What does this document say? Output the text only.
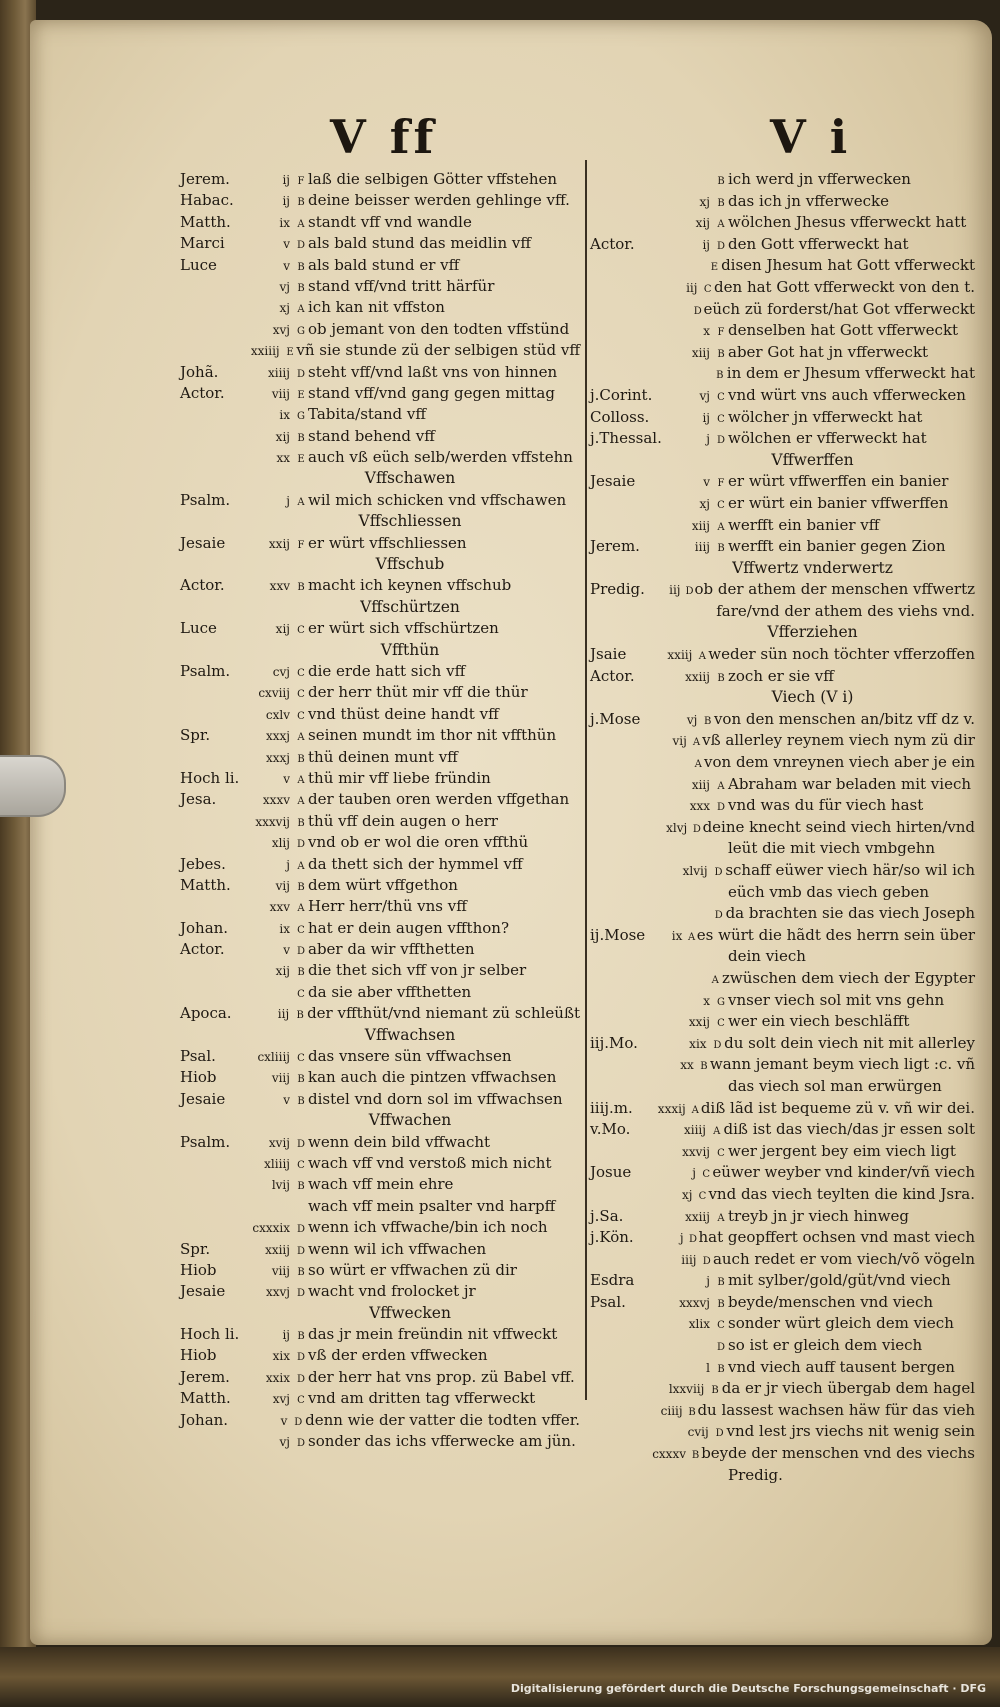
V ff	V i
Jerem.	ij F laß die selbigen Götter vffstehen
Habac.	ij B deine beisser werden gehlinge vff.
Matth.	ix A standt vff vnd wandle
Marci	v D als bald stund das meidlin vff
Luce	v B als bald stund er vff
vj B stand vff/vnd tritt härfür
xj A ich kan nit vffston
xvj G ob jemant von den todten vffstünd
xxiiij E vñ sie stunde zü der selbigen stüd vff
Johã.	xiiij D steht vff/vnd laßt vns von hinnen
Actor.	viij E stand vff/vnd gang gegen mittag
ix G Tabita/stand vff
xij B stand behend vff
xx E auch vß eüch selb/werden vffstehn
Vffschawen
Psalm.	j A wil mich schicken vnd vffschawen
Vffschliessen
Jesaie	xxij F er würt vffschliessen
Vffschub
Actor.	xxv B macht ich keynen vffschub
Vffschürtzen
Luce	xij C er würt sich vffschürtzen
Vffthün
Psalm.	cvj C die erde hatt sich vff
cxviij C der herr thüt mir vff die thür
cxlv C vnd thüst deine handt vff
Spr.	xxxj A seinen mundt im thor nit vffthün
xxxj B thü deinen munt vff
Hoch li.	v A thü mir vff liebe fründin
Jesa.	xxxv A der tauben oren werden vffgethan
xxxvij B thü vff dein augen o herr
xlij D vnd ob er wol die oren vffthü
Jebes.	j A da thett sich der hymmel vff
Matth.	vij B dem würt vffgethon
xxv A Herr herr/thü vns vff
Johan.	ix C hat er dein augen vffthon?
Actor.	v D aber da wir vffthetten
xij B die thet sich vff von jr selber
C da sie aber vffthetten
Apoca.	iij B der vffthüt/vnd niemant zü schleüßt
Vffwachsen
Psal.	cxliiij C das vnsere sün vffwachsen
Hiob	viij B kan auch die pintzen vffwachsen
Jesaie	v B distel vnd dorn sol im vffwachsen
Vffwachen
Psalm.	xvij D wenn dein bild vffwacht
xliiij C wach vff vnd verstoß mich nicht
lvij B wach vff mein ehre
wach vff mein psalter vnd harpff
cxxxix D wenn ich vffwache/bin ich noch
Spr.	xxiij D wenn wil ich vffwachen
Hiob	viij B so würt er vffwachen zü dir
Jesaie	xxvj D wacht vnd frolocket jr
Vffwecken
Hoch li.	ij B das jr mein freündin nit vffweckt
Hiob	xix D vß der erden vffwecken
Jerem.	xxix D der herr hat vns prop. zü Babel vff.
Matth.	xvj C vnd am dritten tag vfferweckt
Johan.	v D denn wie der vatter die todten vffer.
vj D sonder das ichs vfferwecke am jün.
B ich werd jn vfferwecken
xj B das ich jn vfferwecke
xij A wölchen Jhesus vfferweckt hatt
Actor.	ij D den Gott vfferweckt hat
E disen Jhesum hat Gott vfferweckt
iij C den hat Gott vfferweckt von den t.
D eüch zü forderst/hat Got vfferweckt
x F denselben hat Gott vfferweckt
xiij B aber Got hat jn vfferweckt
B in dem er Jhesum vfferweckt hat
j.Corint.	vj C vnd würt vns auch vfferwecken
Colloss.	ij C wölcher jn vfferweckt hat
j.Thessal.	j D wölchen er vfferweckt hat
Vffwerffen
Jesaie	v F er würt vffwerffen ein banier
xj C er würt ein banier vffwerffen
xiij A werfft ein banier vff
Jerem.	iiij B werfft ein banier gegen Zion
Vffwertz vnderwertz
Predig.	iij D ob der athem der menschen vffwertz
fare/vnd der athem des viehs vnd.
Vfferziehen
Jsaie	xxiij A weder sün noch töchter vfferzoffen
Actor.	xxiij B zoch er sie vff
Viech (V i)
j.Mose	vj B von den menschen an/bitz vff dz v.
vij A vß allerley reynem viech nym zü dir
A von dem vnreynen viech aber je ein
xiij A Abraham war beladen mit viech
xxx D vnd was du für viech hast
xlvj D deine knecht seind viech hirten/vnd
leüt die mit viech vmbgehn
xlvij D schaff eüwer viech här/so wil ich
eüch vmb das viech geben
D da brachten sie das viech Joseph
ij.Mose	ix A es würt die hãdt des herrn sein über
dein viech
A zwüschen dem viech der Egypter
x G vnser viech sol mit vns gehn
xxij C wer ein viech beschläfft
iij.Mo.	xix D du solt dein viech nit mit allerley
xx B wann jemant beym viech ligt :c. vñ
das viech sol man erwürgen
iiij.m.	xxxij A diß lãd ist bequeme zü v. vñ wir dei.
v.Mo.	xiiij A diß ist das viech/das jr essen solt
xxvij C wer jergent bey eim viech ligt
Josue	j C eüwer weyber vnd kinder/vñ viech
xj C vnd das viech teylten die kind Jsra.
j.Sa.	xxiij A treyb jn jr viech hinweg
j.Kön.	j D hat geopffert ochsen vnd mast viech
iiij D auch redet er vom viech/võ vögeln
Esdra	j B mit sylber/gold/güt/vnd viech
Psal.	xxxvj B beyde/menschen vnd viech
xlix C sonder würt gleich dem viech
D so ist er gleich dem viech
l B vnd viech auff tausent bergen
lxxviij B da er jr viech übergab dem hagel
ciiij B du lassest wachsen häw für das vieh
cvij D vnd lest jrs viechs nit wenig sein
cxxxv B beyde der menschen vnd des viechs
Predig.
Digitalisierung gefördert durch die Deutsche Forschungsgemeinschaft · DFG
